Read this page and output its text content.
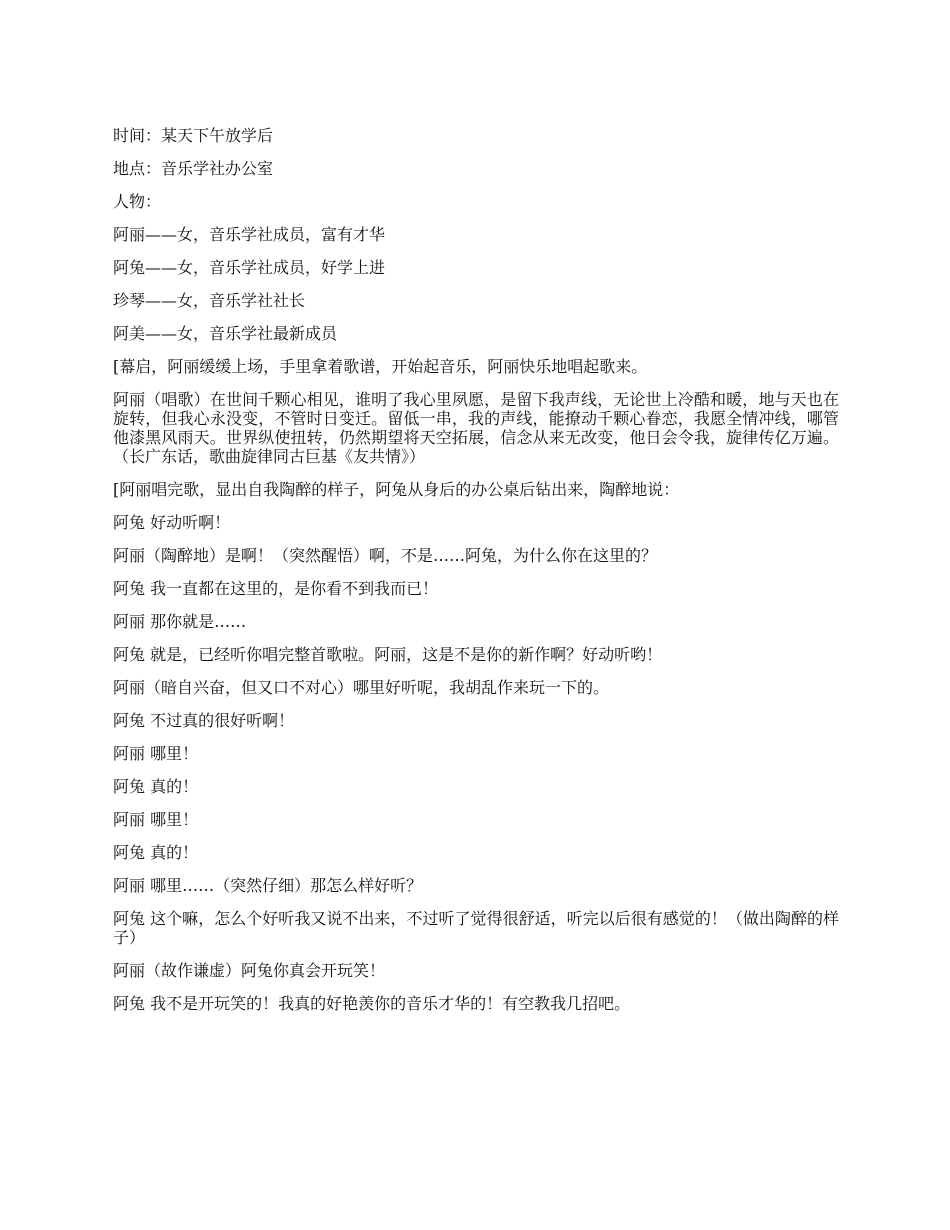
时间：某天下午放学后

地点：音乐学社办公室

人物：

阿丽——女，音乐学社成员，富有才华

阿兔——女，音乐学社成员，好学上进

珍琴——女，音乐学社社长

阿美——女，音乐学社最新成员

[幕启，阿丽缓缓上场，手里拿着歌谱，开始起音乐，阿丽快乐地唱起歌来。

阿丽（唱歌）在世间千颗心相见，谁明了我心里夙愿，是留下我声线，无论世上冷酷和暖，地与天也在旋转，但我心永没变，不管时日变迁。留低一串，我的声线，能撩动千颗心眷恋，我愿全情冲线，哪管他漆黑风雨天。世界纵使扭转，仍然期望将天空拓展，信念从来无改变，他日会令我，旋律传亿万遍。（长广东话，歌曲旋律同古巨基《友共情》）

[阿丽唱完歌，显出自我陶醉的样子，阿兔从身后的办公桌后钻出来，陶醉地说：

阿兔 好动听啊！

阿丽（陶醉地）是啊！（突然醒悟）啊，不是……阿兔，为什么你在这里的？

阿兔 我一直都在这里的，是你看不到我而已！

阿丽 那你就是……

阿兔 就是，已经听你唱完整首歌啦。阿丽，这是不是你的新作啊？好动听哟！

阿丽（暗自兴奋，但又口不对心）哪里好听呢，我胡乱作来玩一下的。

阿兔 不过真的很好听啊！

阿丽 哪里！

阿兔 真的！

阿丽 哪里！

阿兔 真的！

阿丽 哪里……（突然仔细）那怎么样好听？

阿兔 这个嘛，怎么个好听我又说不出来，不过听了觉得很舒适，听完以后很有感觉的！（做出陶醉的样子）

阿丽（故作谦虚）阿兔你真会开玩笑！

阿兔 我不是开玩笑的！我真的好艳羡你的音乐才华的！有空教我几招吧。
